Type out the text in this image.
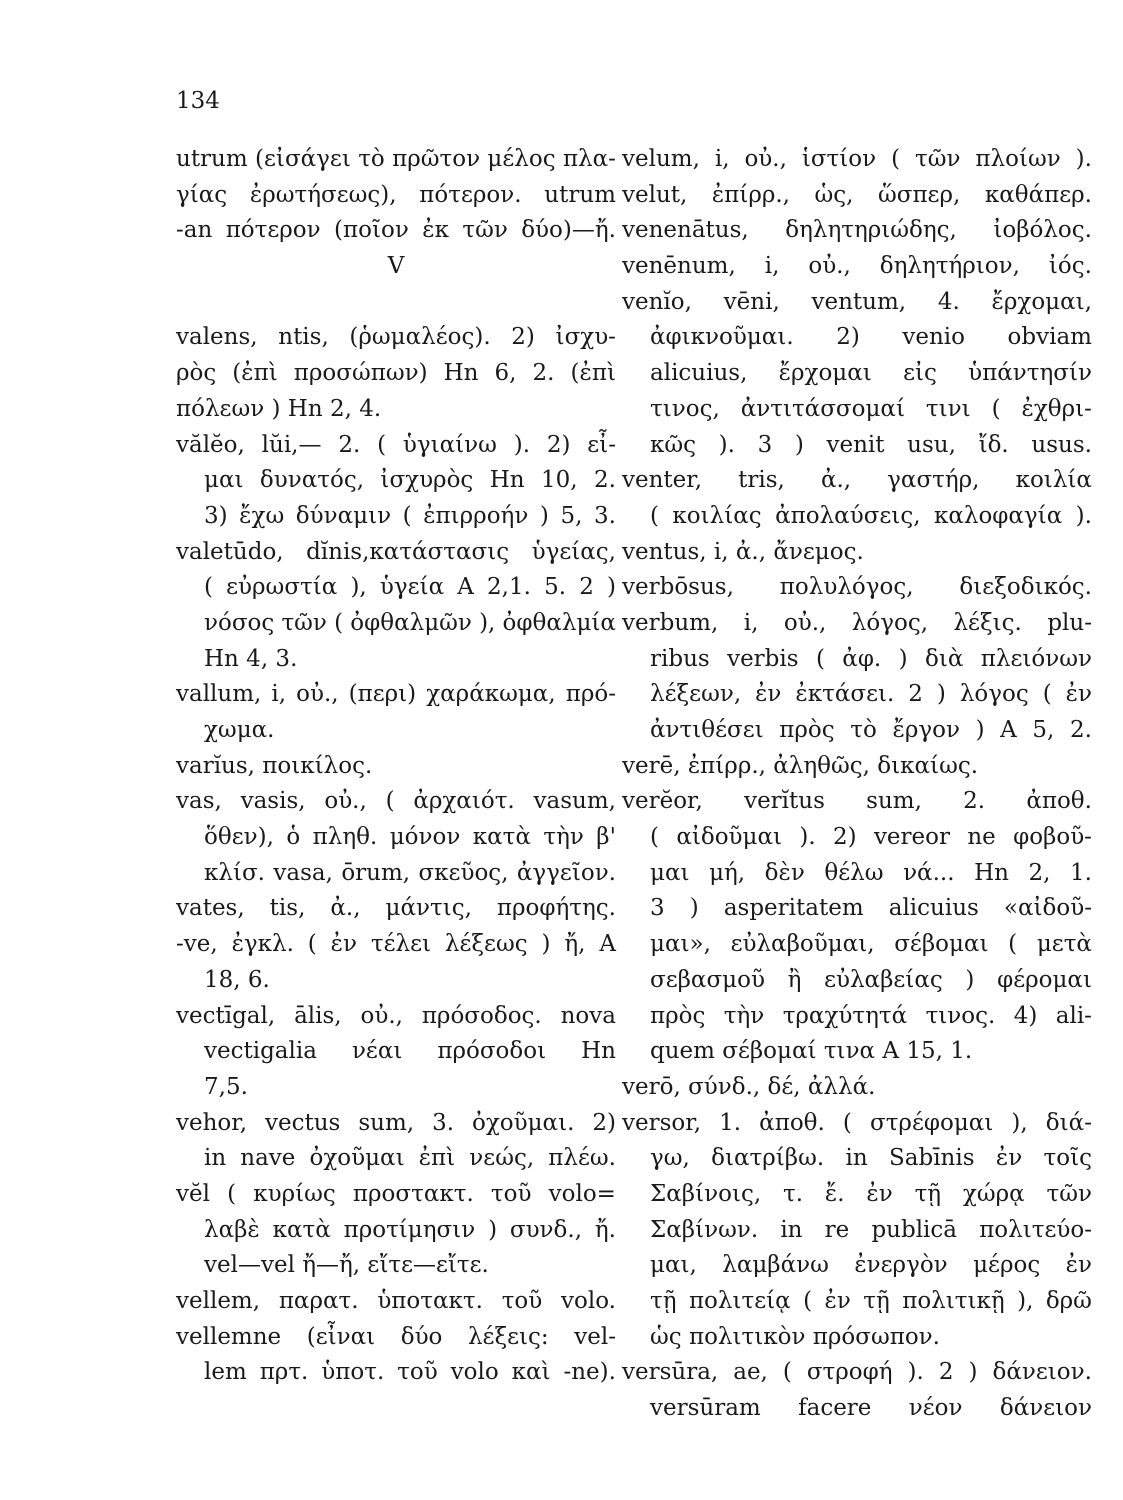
134
utrum (εἰσάγει τὸ πρῶτον μέλος πλα-
γίας ἐρωτήσεως), πότερον. utrum
-an πότερον (ποῖον ἐκ τῶν δύο)—ἤ.
V

valens, ntis, (ῥωμαλέος). 2) ἰσχυ-
ρὸς (ἐπὶ προσώπων) Hn 6, 2. (ἐπὶ
πόλεων ) Hn 2, 4.
vălĕo, lŭi,— 2. ( ὑγιαίνω ). 2) εἶ-
μαι δυνατός, ἰσχυρὸς Hn 10, 2.
3) ἔχω δύναμιν ( ἐπιρροήν ) 5, 3.
valetūdo, dĭnis,κατάστασις ὑγείας,
( εὐρωστία ), ὑγεία A 2,1. 5. 2 )
νόσος τῶν ( ὀφθαλμῶν ), ὀφθαλμία
Hn 4, 3.
vallum, i, οὐ., (περι) χαράκωμα, πρό-
χωμα.
varĭus, ποικίλος.
vas, vasis, οὐ., ( ἀρχαιότ. vasum,
ὅθεν), ὁ πληθ. μόνον κατὰ τὴν β'
κλίσ. vasa, ōrum, σκεῦος, ἀγγεῖον.
vates, tis, ἀ., μάντις, προφήτης.
-ve, ἐγκλ. ( ἐν τέλει λέξεως ) ἤ, A
18, 6.
vectīgal, ālis, οὐ., πρόσοδος. nova
vectigalia νέαι πρόσοδοι Hn
7,5.
vehor, vectus sum, 3. ὀχοῦμαι. 2)
in nave ὀχοῦμαι ἐπὶ νεώς, πλέω.
vĕl ( κυρίως προστακτ. τοῦ volo=
λαβὲ κατὰ προτίμησιν ) συνδ., ἤ.
vel—vel ἤ—ἤ, εἴτε—εἴτε.
vellem, παρατ. ὑποτακτ. τοῦ volo.
vellemne (εἶναι δύο λέξεις: vel-
lem πρτ. ὑποτ. τοῦ volo καὶ -ne).
velum, i, οὐ., ἱστίον ( τῶν πλοίων ).
velut, ἐπίρρ., ὡς, ὥσπερ, καθάπερ.
venenātus, δηλητηριώδης, ἰοβόλος.
venēnum, i, οὐ., δηλητήριον, ἰός.
venĭo, vēni, ventum, 4. ἔρχομαι,
ἀφικνοῦμαι. 2) venio obviam
alicuius, ἔρχομαι εἰς ὑπάντησίν
τινος, ἀντιτάσσομαί τινι ( ἐχθρι-
κῶς ). 3 ) venit usu, ἴδ. usus.
venter, tris, ἀ., γαστήρ, κοιλία
( κοιλίας ἀπολαύσεις, καλοφαγία ).
ventus, i, ἀ., ἄνεμος.
verbōsus, πολυλόγος, διεξοδικός.
verbum, i, οὐ., λόγος, λέξις. plu-
ribus verbis ( ἀφ. ) διὰ πλειόνων
λέξεων, ἐν ἐκτάσει. 2 ) λόγος ( ἐν
ἀντιθέσει πρὸς τὸ ἔργον ) A 5, 2.
verē, ἐπίρρ., ἀληθῶς, δικαίως.
verĕor, verĭtus sum, 2. ἀποθ.
( αἰδοῦμαι ). 2) vereor ne φοβοῦ-
μαι μή, δὲν θέλω νά... Hn 2, 1.
3 ) asperitatem alicuius «αἰδοῦ-
μαι», εὐλαβοῦμαι, σέβομαι ( μετὰ
σεβασμοῦ ἢ εὐλαβείας ) φέρομαι
πρὸς τὴν τραχύτητά τινος. 4) ali-
quem σέβομαί τινα A 15, 1.
verō, σύνδ., δέ, ἀλλά.
versor, 1. ἀποθ. ( στρέφομαι ), διά-
γω, διατρίβω. in Sabīnis ἐν τοῖς
Σαβίνοις, τ. ἔ. ἐν τῇ χώρᾳ τῶν
Σαβίνων. in re publicā πολιτεύο-
μαι, λαμβάνω ἐνεργὸν μέρος ἐν
τῇ πολιτείᾳ ( ἐν τῇ πολιτικῇ ), δρῶ
ὡς πολιτικὸν πρόσωπον.
versūra, ae, ( στροφή ). 2 ) δάνειον.
versūram facere νέον δάνειον
